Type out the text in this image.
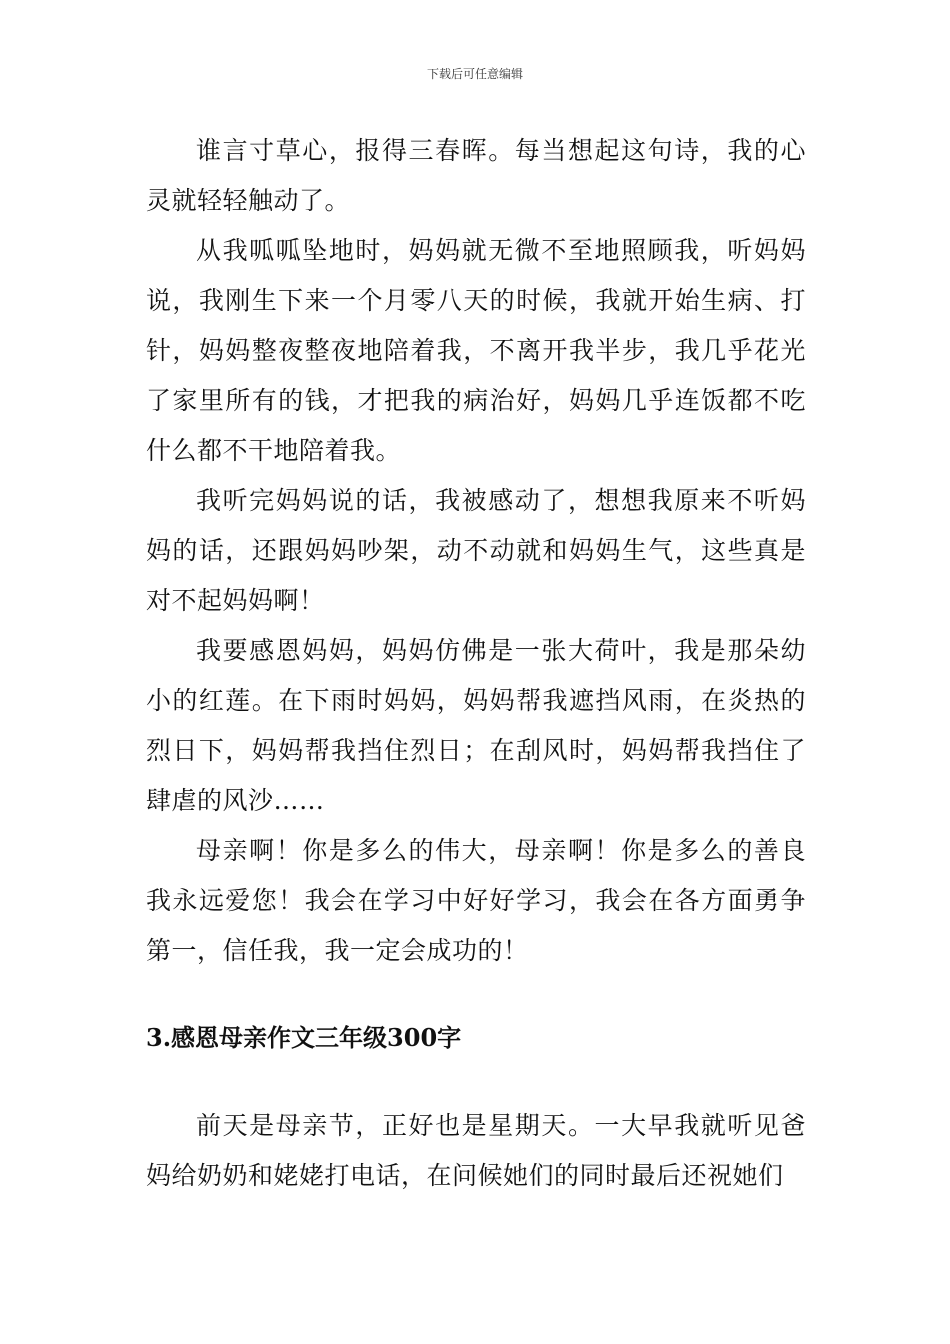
下载后可任意编辑

谁言寸草心，报得三春晖。每当想起这句诗，我的心灵就轻轻触动了。

从我呱呱坠地时，妈妈就无微不至地照顾我，听妈妈说，我刚生下来一个月零八天的时候，我就开始生病、打针，妈妈整夜整夜地陪着我，不离开我半步，我几乎花光了家里所有的钱，才把我的病治好，妈妈几乎连饭都不吃什么都不干地陪着我。

我听完妈妈说的话，我被感动了，想想我原来不听妈妈的话，还跟妈妈吵架，动不动就和妈妈生气，这些真是对不起妈妈啊！

我要感恩妈妈，妈妈仿佛是一张大荷叶，我是那朵幼小的红莲。在下雨时妈妈，妈妈帮我遮挡风雨，在炎热的烈日下，妈妈帮我挡住烈日；在刮风时，妈妈帮我挡住了肆虐的风沙……

母亲啊！你是多么的伟大，母亲啊！你是多么的善良我永远爱您！我会在学习中好好学习，我会在各方面勇争第一，信任我，我一定会成功的！

3.感恩母亲作文三年级300字

前天是母亲节，正好也是星期天。一大早我就听见爸妈给奶奶和姥姥打电话，在问候她们的同时最后还祝她们
